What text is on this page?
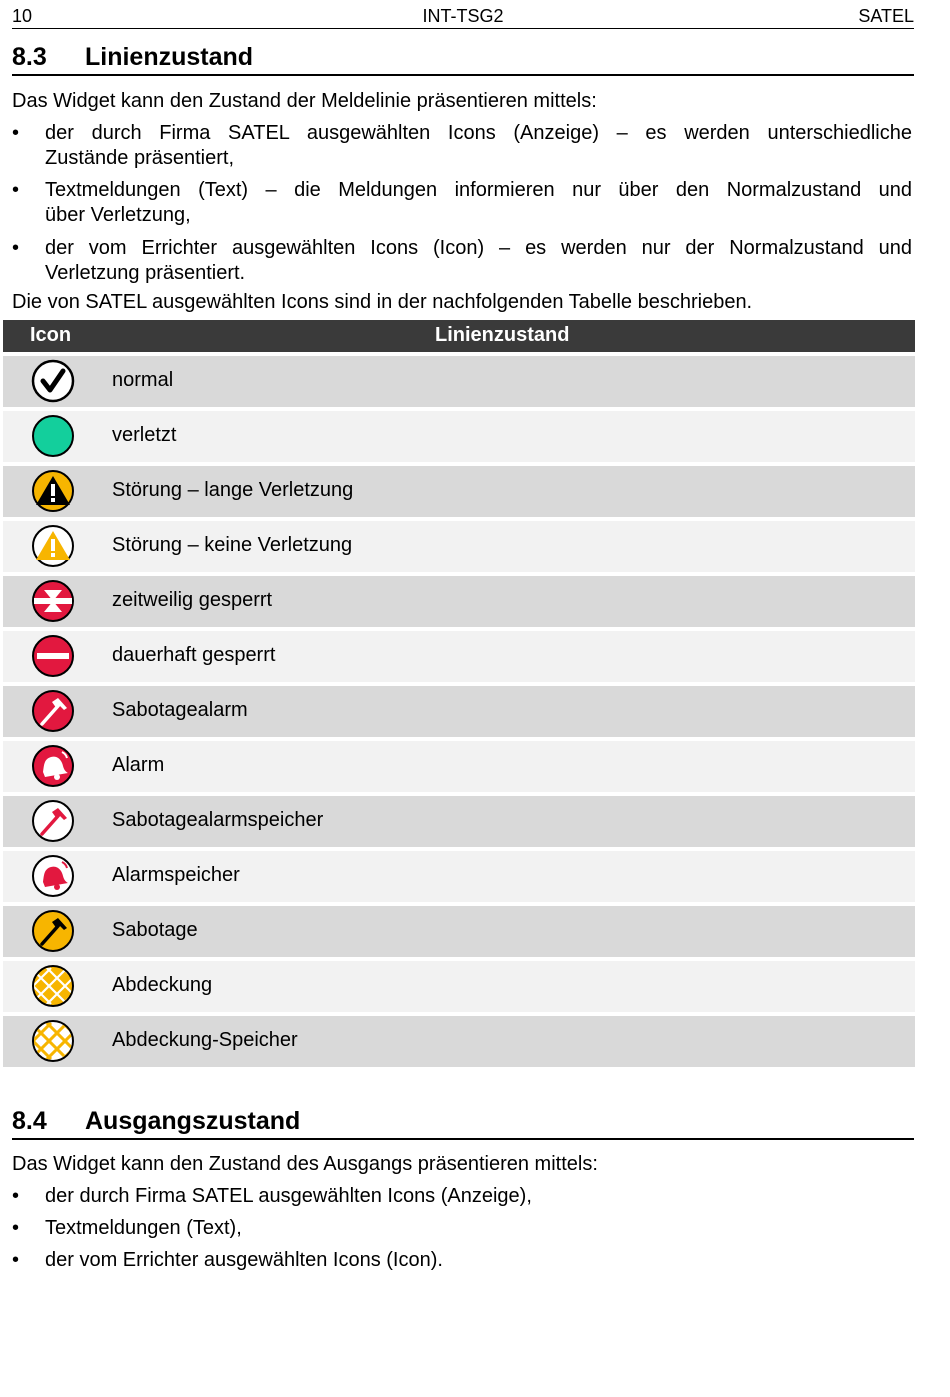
10	INT-TSG2	SATEL
8.3 Linienzustand
Das Widget kann den Zustand der Meldelinie präsentieren mittels:
• der durch Firma SATEL ausgewählten Icons (Anzeige) – es werden unterschiedliche
Zustände präsentiert,
• Textmeldungen (Text) – die Meldungen informieren nur über den Normalzustand und
über Verletzung,
• der vom Errichter ausgewählten Icons (Icon) – es werden nur der Normalzustand und
Verletzung präsentiert.
Die von SATEL ausgewählten Icons sind in der nachfolgenden Tabelle beschrieben.
Icon	Linienzustand
normal
verletzt
Störung – lange Verletzung
Störung – keine Verletzung
zeitweilig gesperrt
dauerhaft gesperrt
Sabotagealarm
Alarm
Sabotagealarmspeicher
Alarmspeicher
Sabotage
Abdeckung
Abdeckung-Speicher
8.4 Ausgangszustand
Das Widget kann den Zustand des Ausgangs präsentieren mittels:
• der durch Firma SATEL ausgewählten Icons (Anzeige),
• Textmeldungen (Text),
• der vom Errichter ausgewählten Icons (Icon).
